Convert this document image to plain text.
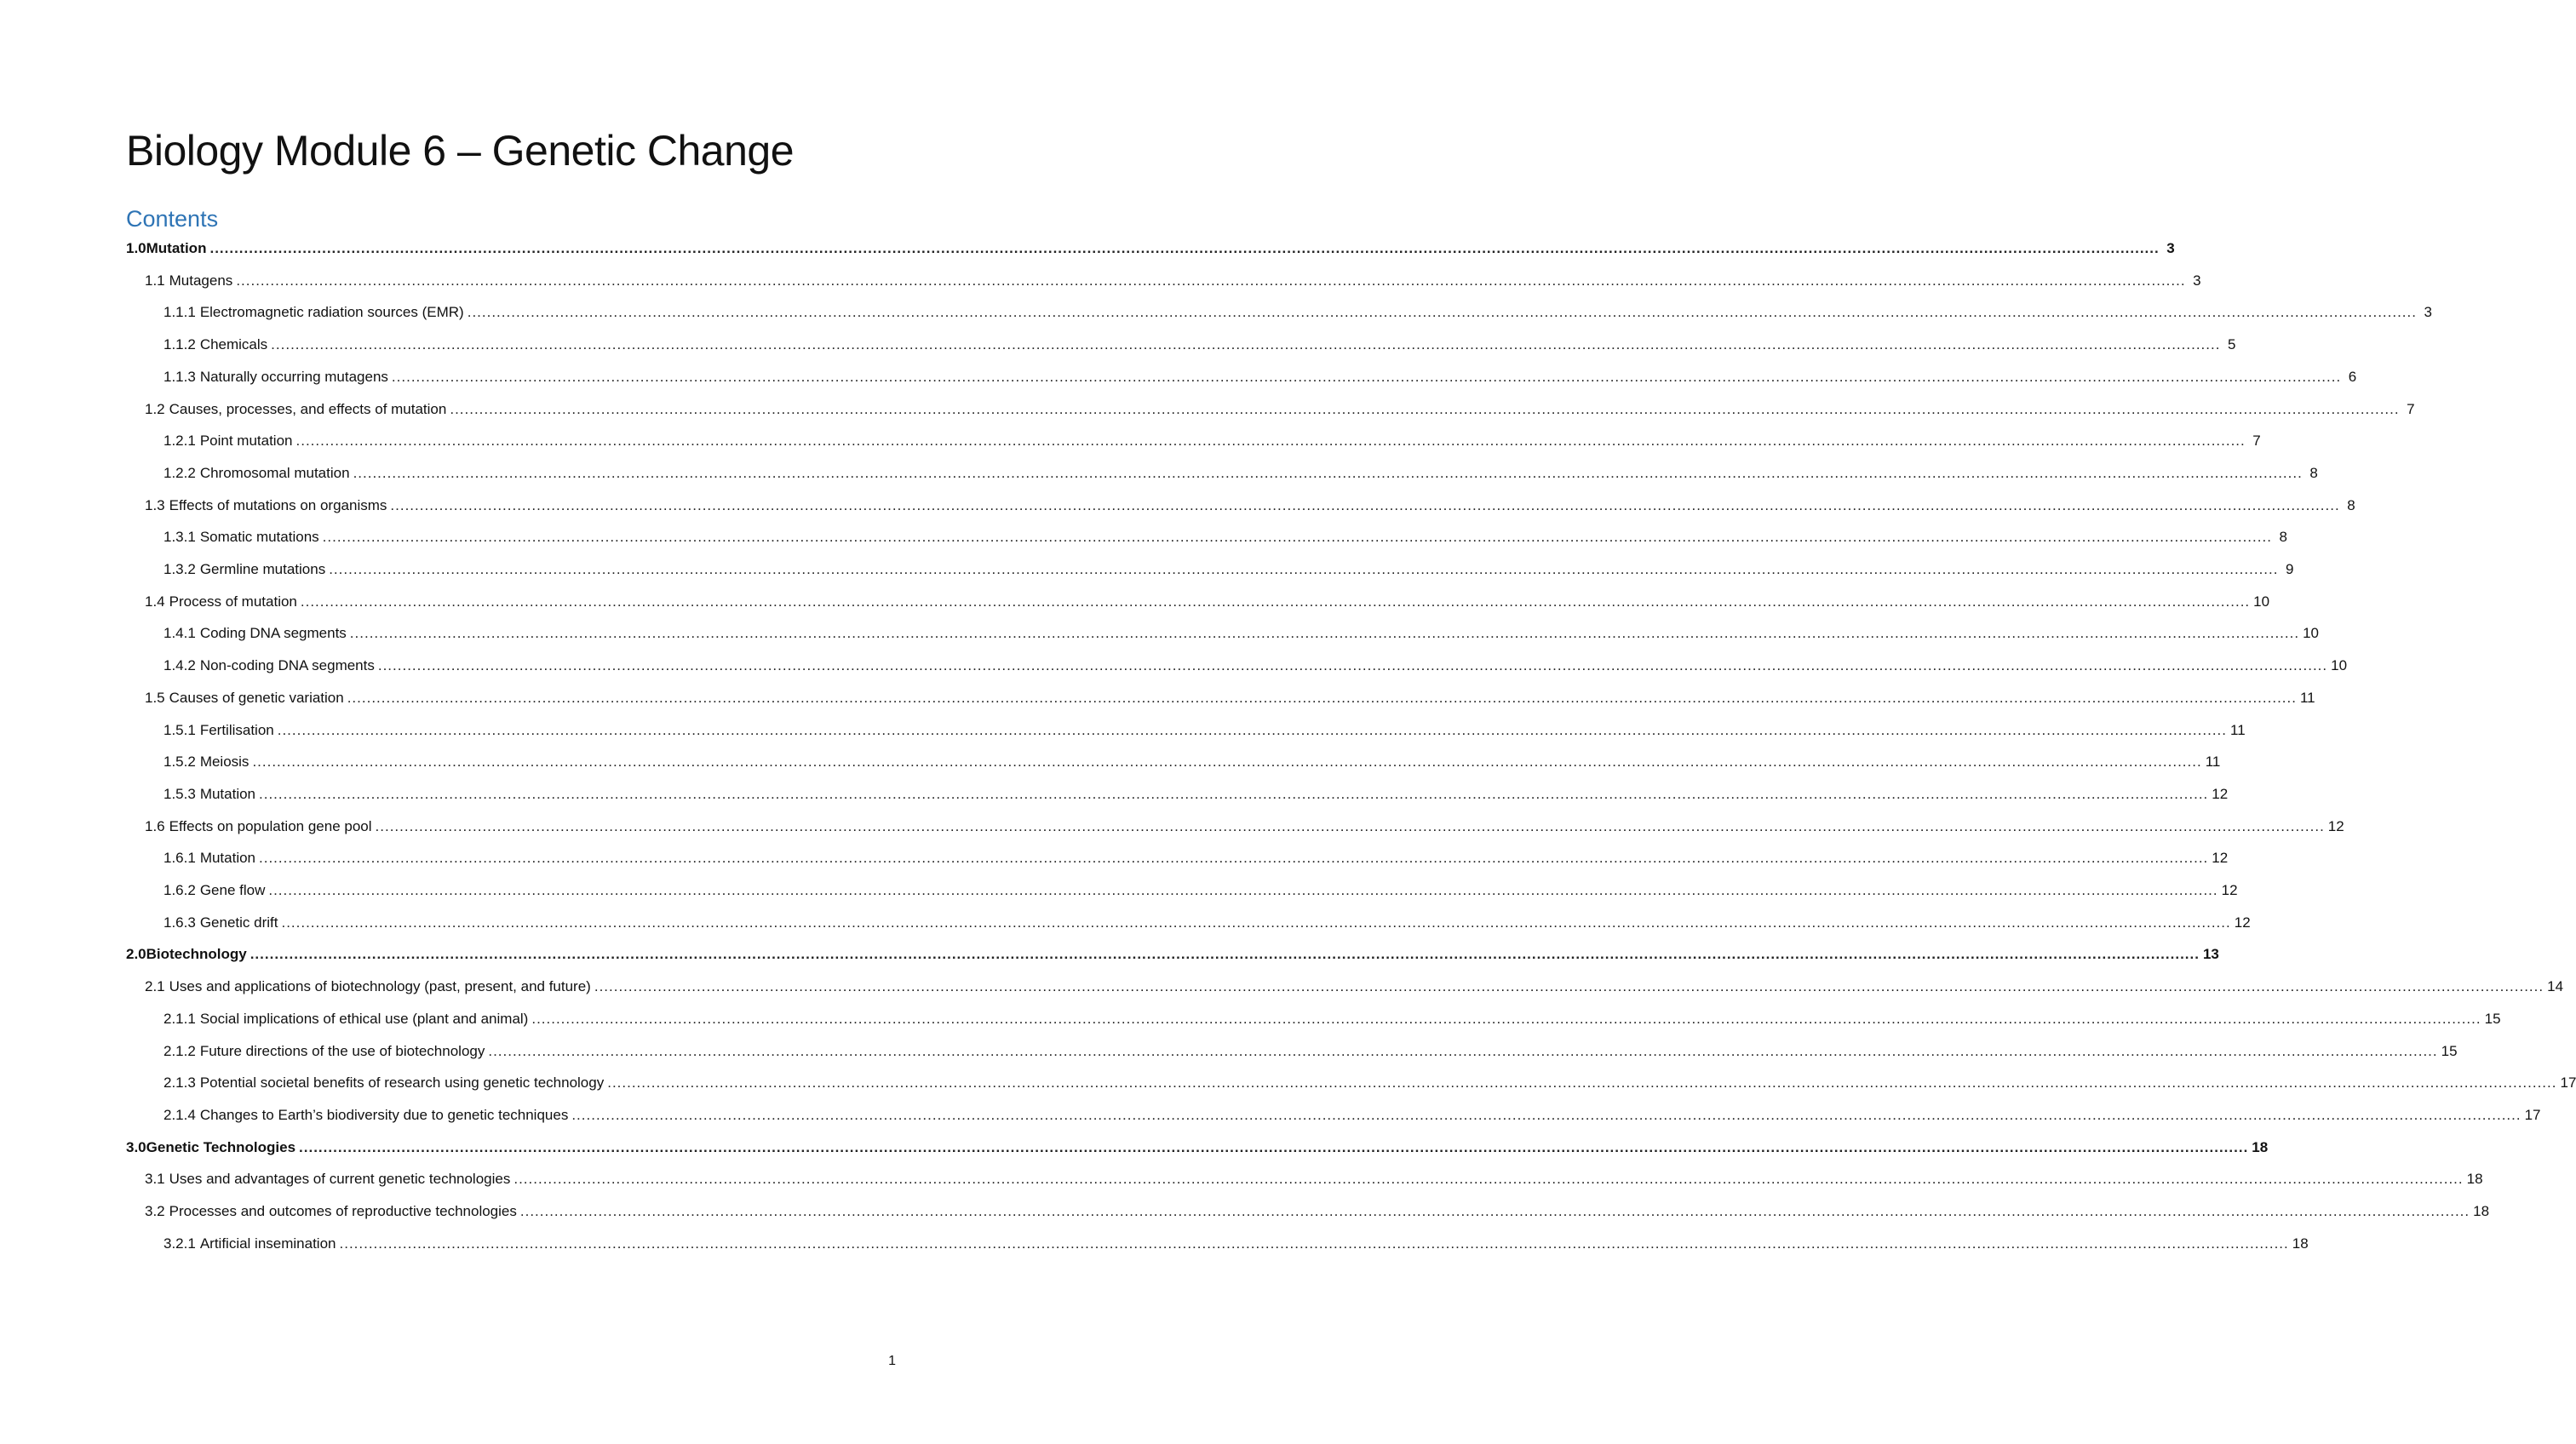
Biology Module 6 – Genetic Change
Contents
1.0 Mutation ................................................................................................................................................................................................................................................................................................................................................................................................................ 3
1.1 Mutagens ................................................................................................................................................................................................................................................................................................................................................................................................................ 3
1.1.1 Electromagnetic radiation sources (EMR) ................................................................................................................................................................................................................................................................................................................................................................................................................ 3
1.1.2 Chemicals ................................................................................................................................................................................................................................................................................................................................................................................................................ 5
1.1.3 Naturally occurring mutagens ................................................................................................................................................................................................................................................................................................................................................................................................................ 6
1.2 Causes, processes, and effects of mutation ................................................................................................................................................................................................................................................................................................................................................................................................................ 7
1.2.1 Point mutation ................................................................................................................................................................................................................................................................................................................................................................................................................ 7
1.2.2 Chromosomal mutation ................................................................................................................................................................................................................................................................................................................................................................................................................ 8
1.3 Effects of mutations on organisms ................................................................................................................................................................................................................................................................................................................................................................................................................ 8
1.3.1 Somatic mutations ................................................................................................................................................................................................................................................................................................................................................................................................................ 8
1.3.2 Germline mutations ................................................................................................................................................................................................................................................................................................................................................................................................................ 9
1.4 Process of mutation ................................................................................................................................................................................................................................................................................................................................................................................................................ 10
1.4.1 Coding DNA segments ................................................................................................................................................................................................................................................................................................................................................................................................................ 10
1.4.2 Non-coding DNA segments ................................................................................................................................................................................................................................................................................................................................................................................................................ 10
1.5 Causes of genetic variation ................................................................................................................................................................................................................................................................................................................................................................................................................ 11
1.5.1 Fertilisation ................................................................................................................................................................................................................................................................................................................................................................................................................ 11
1.5.2 Meiosis ................................................................................................................................................................................................................................................................................................................................................................................................................ 11
1.5.3 Mutation ................................................................................................................................................................................................................................................................................................................................................................................................................ 12
1.6 Effects on population gene pool ................................................................................................................................................................................................................................................................................................................................................................................................................ 12
1.6.1 Mutation ................................................................................................................................................................................................................................................................................................................................................................................................................ 12
1.6.2 Gene flow ................................................................................................................................................................................................................................................................................................................................................................................................................ 12
1.6.3 Genetic drift ................................................................................................................................................................................................................................................................................................................................................................................................................ 12
2.0 Biotechnology ................................................................................................................................................................................................................................................................................................................................................................................................................ 13
2.1 Uses and applications of biotechnology (past, present, and future) ................................................................................................................................................................................................................................................................................................................................................................................................................ 14
2.1.1 Social implications of ethical use (plant and animal) ................................................................................................................................................................................................................................................................................................................................................................................................................ 15
2.1.2 Future directions of the use of biotechnology ................................................................................................................................................................................................................................................................................................................................................................................................................ 15
2.1.3 Potential societal benefits of research using genetic technology ................................................................................................................................................................................................................................................................................................................................................................................................................ 17
2.1.4 Changes to Earth’s biodiversity due to genetic techniques ................................................................................................................................................................................................................................................................................................................................................................................................................ 17
3.0 Genetic Technologies ................................................................................................................................................................................................................................................................................................................................................................................................................ 18
3.1 Uses and advantages of current genetic technologies ................................................................................................................................................................................................................................................................................................................................................................................................................ 18
3.2 Processes and outcomes of reproductive technologies ................................................................................................................................................................................................................................................................................................................................................................................................................ 18
3.2.1 Artificial insemination ................................................................................................................................................................................................................................................................................................................................................................................................................ 18
1
